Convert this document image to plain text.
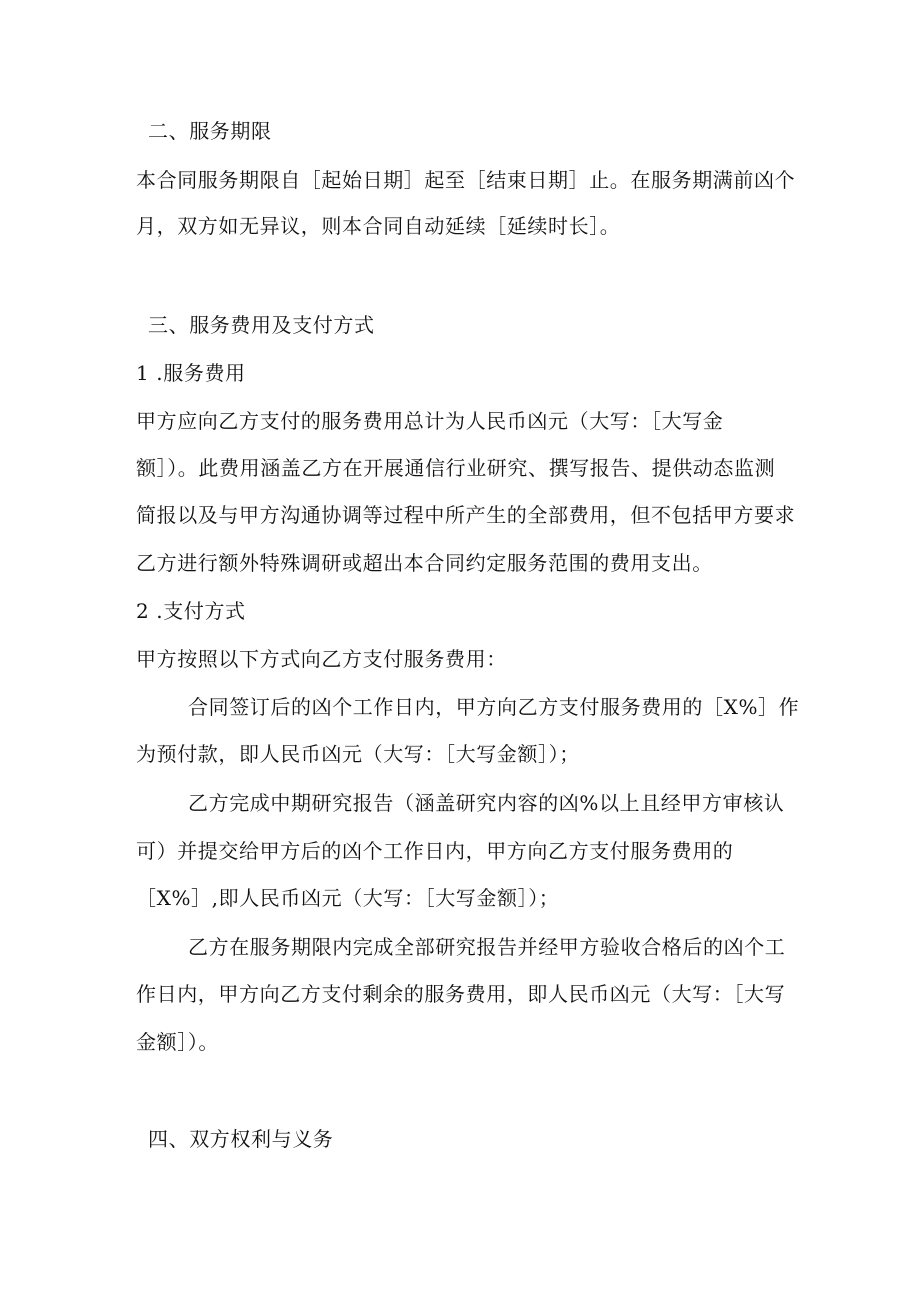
二、服务期限
本合同服务期限自［起始日期］起至［结束日期］止。在服务期满前凶个
月，双方如无异议，则本合同自动延续［延续时长］。
三、服务费用及支付方式
1 .服务费用
甲方应向乙方支付的服务费用总计为人民币凶元（大写：［大写金
额］）。此费用涵盖乙方在开展通信行业研究、撰写报告、提供动态监测
简报以及与甲方沟通协调等过程中所产生的全部费用，但不包括甲方要求
乙方进行额外特殊调研或超出本合同约定服务范围的费用支出。
2 .支付方式
甲方按照以下方式向乙方支付服务费用：
合同签订后的凶个工作日内，甲方向乙方支付服务费用的［X%］作
为预付款，即人民币凶元（大写：［大写金额］）；
乙方完成中期研究报告（涵盖研究内容的凶%以上且经甲方审核认
可）并提交给甲方后的凶个工作日内，甲方向乙方支付服务费用的
［X%］,即人民币凶元（大写：［大写金额］）；
乙方在服务期限内完成全部研究报告并经甲方验收合格后的凶个工
作日内，甲方向乙方支付剩余的服务费用，即人民币凶元（大写：［大写
金额］）。
四、双方权利与义务
